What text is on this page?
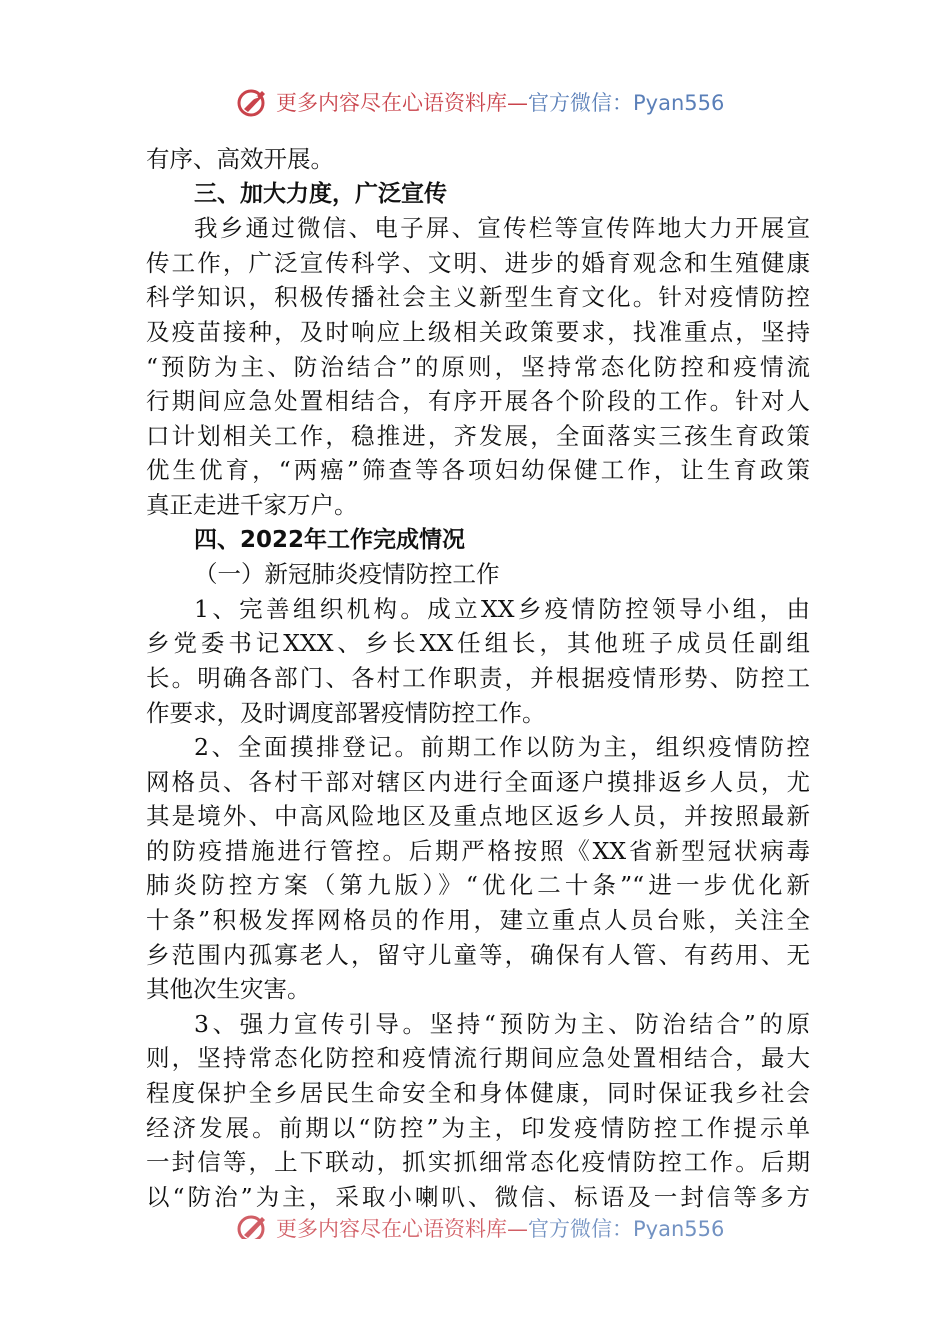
更多内容尽在心语资料库— 官方微信：Pyan556
有序、高效开展。
三、加大力度，广泛宣传
我乡通过微信、电子屏、宣传栏等宣传阵地大力开展宣
传工作，广泛宣传科学、文明、进步的婚育观念和生殖健康
科学知识，积极传播社会主义新型生育文化。针对疫情防控
及疫苗接种，及时响应上级相关政策要求，找准重点，坚持
“预防为主、防治结合”的原则，坚持常态化防控和疫情流
行期间应急处置相结合，有序开展各个阶段的工作。针对人
口计划相关工作，稳推进，齐发展，全面落实三孩生育政策
优生优育，“两癌”筛查等各项妇幼保健工作，让生育政策
真正走进千家万户。
四、2022年工作完成情况
（一）新冠肺炎疫情防控工作
1、完善组织机构。成立XX乡疫情防控领导小组，由
乡党委书记XXX、乡长XX任组长，其他班子成员任副组
长。明确各部门、各村工作职责，并根据疫情形势、防控工
作要求，及时调度部署疫情防控工作。
2、全面摸排登记。前期工作以防为主，组织疫情防控
网格员、各村干部对辖区内进行全面逐户摸排返乡人员，尤
其是境外、中高风险地区及重点地区返乡人员，并按照最新
的防疫措施进行管控。后期严格按照《XX省新型冠状病毒
肺炎防控方案（第九版）》“优化二十条”“进一步优化新
十条”积极发挥网格员的作用，建立重点人员台账，关注全
乡范围内孤寡老人，留守儿童等，确保有人管、有药用、无
其他次生灾害。
3、强力宣传引导。坚持“预防为主、防治结合”的原
则，坚持常态化防控和疫情流行期间应急处置相结合，最大
程度保护全乡居民生命安全和身体健康，同时保证我乡社会
经济发展。前期以“防控”为主，印发疫情防控工作提示单
一封信等，上下联动，抓实抓细常态化疫情防控工作。后期
以“防治”为主，采取小喇叭、微信、标语及一封信等多方
更多内容尽在心语资料库— 官方微信：Pyan556
